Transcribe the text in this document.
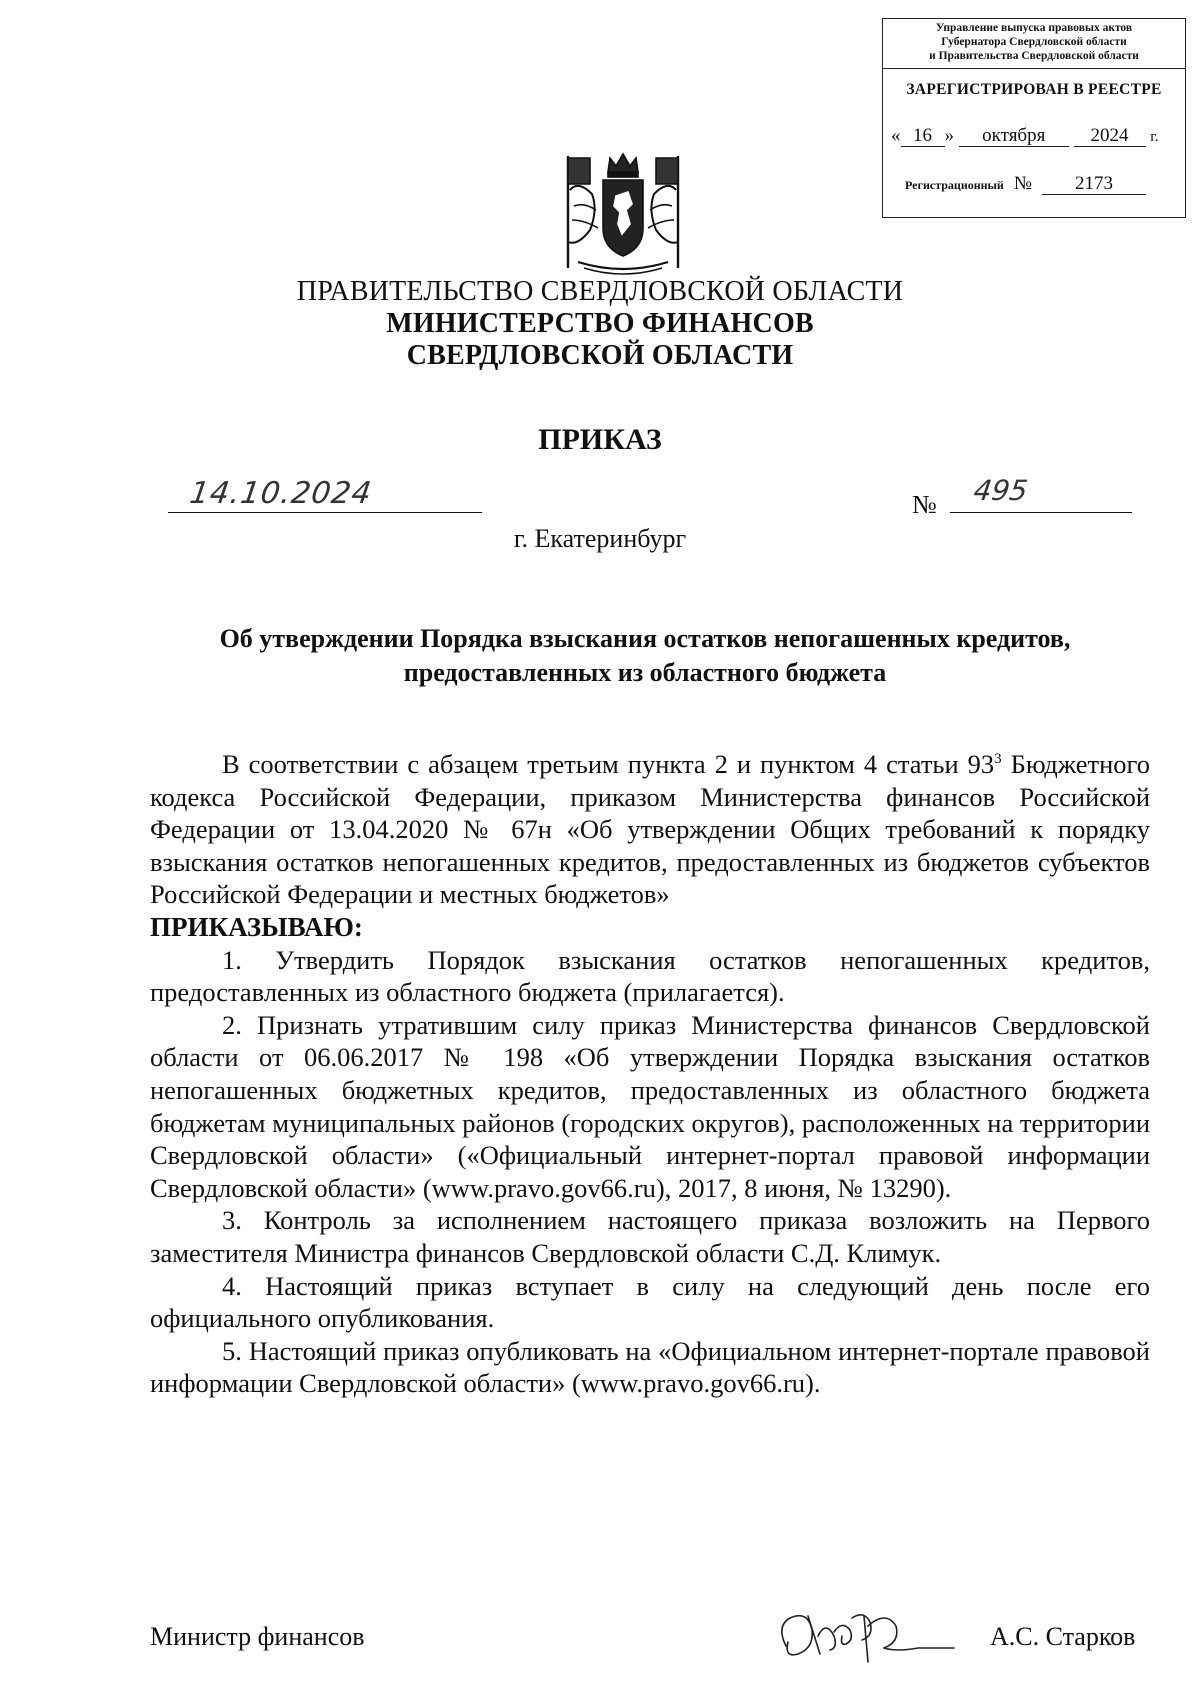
Управление выпуска правовых актов
Губернатора Свердловской области
и Правительства Свердловской области
ЗАРЕГИСТРИРОВАН В РЕЕСТРЕ
« 16 » октября 2024 г.
Регистрационный № 2173
ПРАВИТЕЛЬСТВО СВЕРДЛОВСКОЙ ОБЛАСТИ
МИНИСТЕРСТВО ФИНАНСОВ
СВЕРДЛОВСКОЙ ОБЛАСТИ
ПРИКАЗ
14.10.2024	№ 495
г. Екатеринбург
Об утверждении Порядка взыскания остатков непогашенных кредитов,
предоставленных из областного бюджета

В соответствии с абзацем третьим пункта 2 и пунктом 4 статьи $93^3$ Бюджетного кодекса Российской Федерации, приказом Министерства финансов Российской Федерации от 13.04.2020 № 67н «Об утверждении Общих требований к порядку взыскания остатков непогашенных кредитов, предоставленных из бюджетов субъектов Российской Федерации и местных бюджетов»

ПРИКАЗЫВАЮ:

1. Утвердить Порядок взыскания остатков непогашенных кредитов, предоставленных из областного бюджета (прилагается).

2. Признать утратившим силу приказ Министерства финансов Свердловской области от 06.06.2017 № 198 «Об утверждении Порядка взыскания остатков непогашенных бюджетных кредитов, предоставленных из областного бюджета бюджетам муниципальных районов (городских округов), расположенных на территории Свердловской области» («Официальный интернет-портал правовой информации Свердловской области» (www.pravo.gov66.ru), 2017, 8 июня, № 13290).

3. Контроль за исполнением настоящего приказа возложить на Первого заместителя Министра финансов Свердловской области С.Д. Климук.

4. Настоящий приказ вступает в силу на следующий день после его официального опубликования.

5. Настоящий приказ опубликовать на «Официальном интернет-портале правовой информации Свердловской области» (www.pravo.gov66.ru).

Министр финансов	А.С. Старков
